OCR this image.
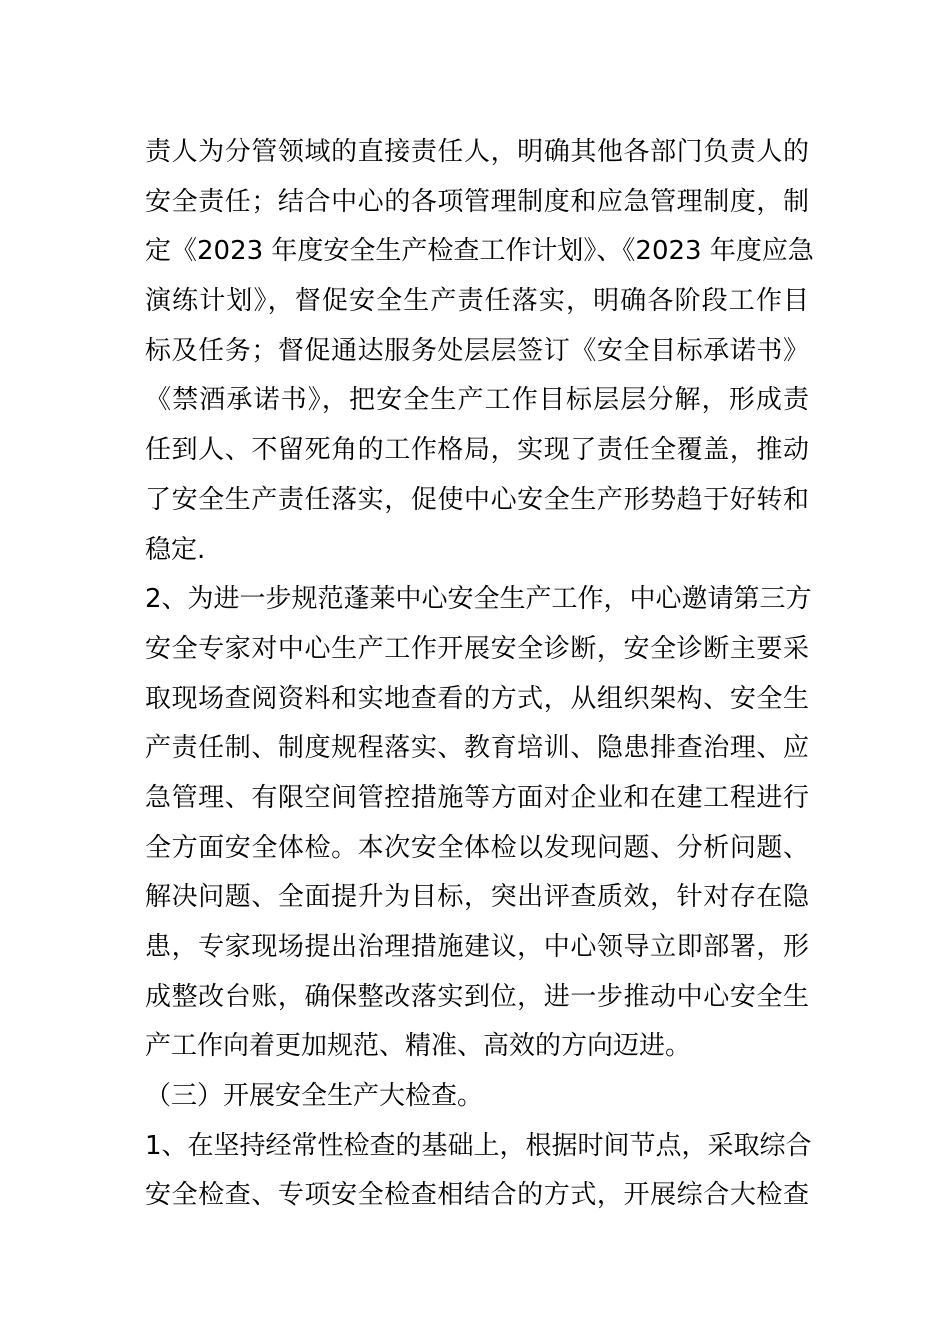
责人为分管领域的直接责任人，明确其他各部门负责人的
安全责任；结合中心的各项管理制度和应急管理制度，制
定《2023 年度安全生产检查工作计划》、《2023 年度应急
演练计划》，督促安全生产责任落实，明确各阶段工作目
标及任务；督促通达服务处层层签订《安全目标承诺书》
《禁酒承诺书》，把安全生产工作目标层层分解，形成责
任到人、不留死角的工作格局，实现了责任全覆盖，推动
了安全生产责任落实，促使中心安全生产形势趋于好转和
稳定.
2、为进一步规范蓬莱中心安全生产工作，中心邀请第三方
安全专家对中心生产工作开展安全诊断，安全诊断主要采
取现场查阅资料和实地查看的方式，从组织架构、安全生
产责任制、制度规程落实、教育培训、隐患排查治理、应
急管理、有限空间管控措施等方面对企业和在建工程进行
全方面安全体检。本次安全体检以发现问题、分析问题、
解决问题、全面提升为目标，突出评查质效，针对存在隐
患，专家现场提出治理措施建议，中心领导立即部署，形
成整改台账，确保整改落实到位，进一步推动中心安全生
产工作向着更加规范、精准、高效的方向迈进。
（三）开展安全生产大检查。
1、在坚持经常性检查的基础上，根据时间节点，采取综合
安全检查、专项安全检查相结合的方式，开展综合大检查
